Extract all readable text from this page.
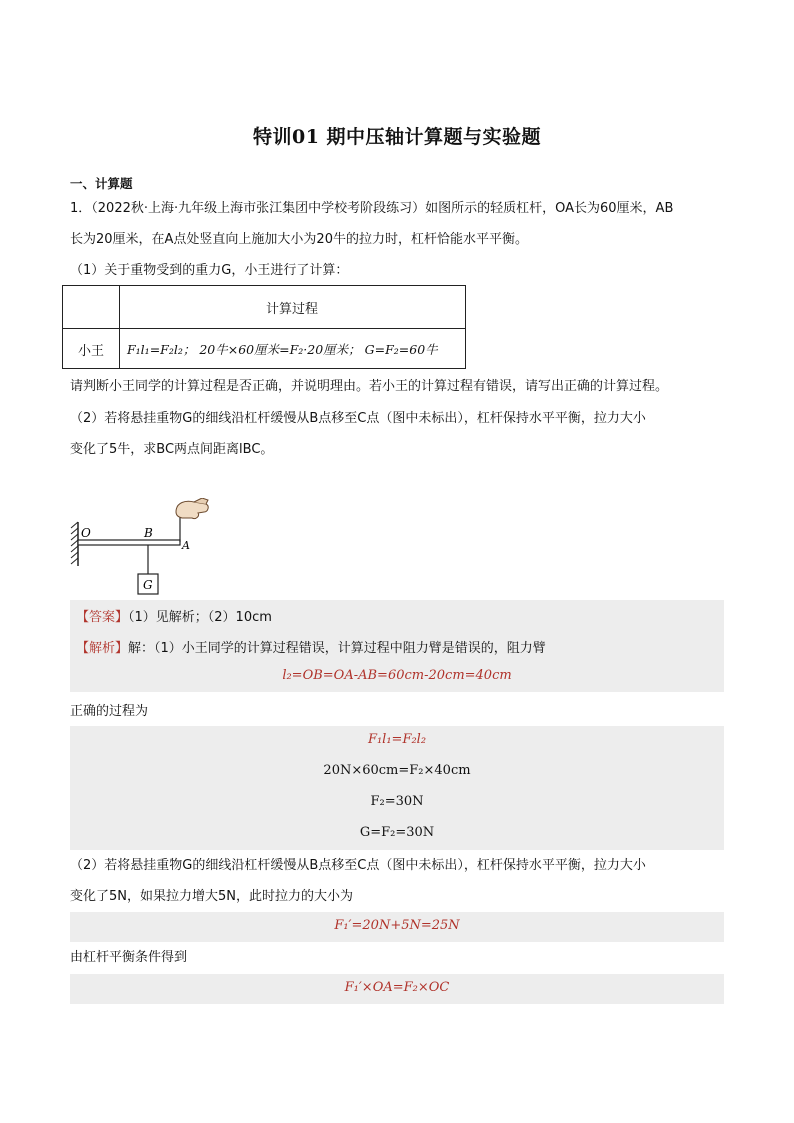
特训01 期中压轴计算题与实验题
一、计算题
1．（2022秋·上海·九年级上海市张江集团中学校考阶段练习）如图所示的轻质杠杆，OA长为60厘米，AB
长为20厘米，在A点处竖直向上施加大小为20牛的拉力时，杠杆恰能水平平衡。
（1）关于重物受到的重力G，小王进行了计算：
计算过程
小王	F₁l₁=F₂l₂； 20牛×60厘米=F₂·20厘米； G=F₂=60牛
请判断小王同学的计算过程是否正确，并说明理由。若小王的计算过程有错误，请写出正确的计算过程。
（2）若将悬挂重物G的细线沿杠杆缓慢从B点移至C点（图中未标出），杠杆保持水平平衡，拉力大小
变化了5牛，求BC两点间距离lBC。
O	B
A
G
【答案】（1）见解析；（2）10cm
【解析】解：（1）小王同学的计算过程错误，计算过程中阻力臂是错误的，阻力臂
l₂=OB=OA-AB=60cm-20cm=40cm
正确的过程为
F₁l₁=F₂l₂
20N×60cm=F₂×40cm
F₂=30N
G=F₂=30N
（2）若将悬挂重物G的细线沿杠杆缓慢从B点移至C点（图中未标出），杠杆保持水平平衡，拉力大小
变化了5N，如果拉力增大5N，此时拉力的大小为
F₁′=20N+5N=25N
由杠杆平衡条件得到
F₁′×OA=F₂×OC
